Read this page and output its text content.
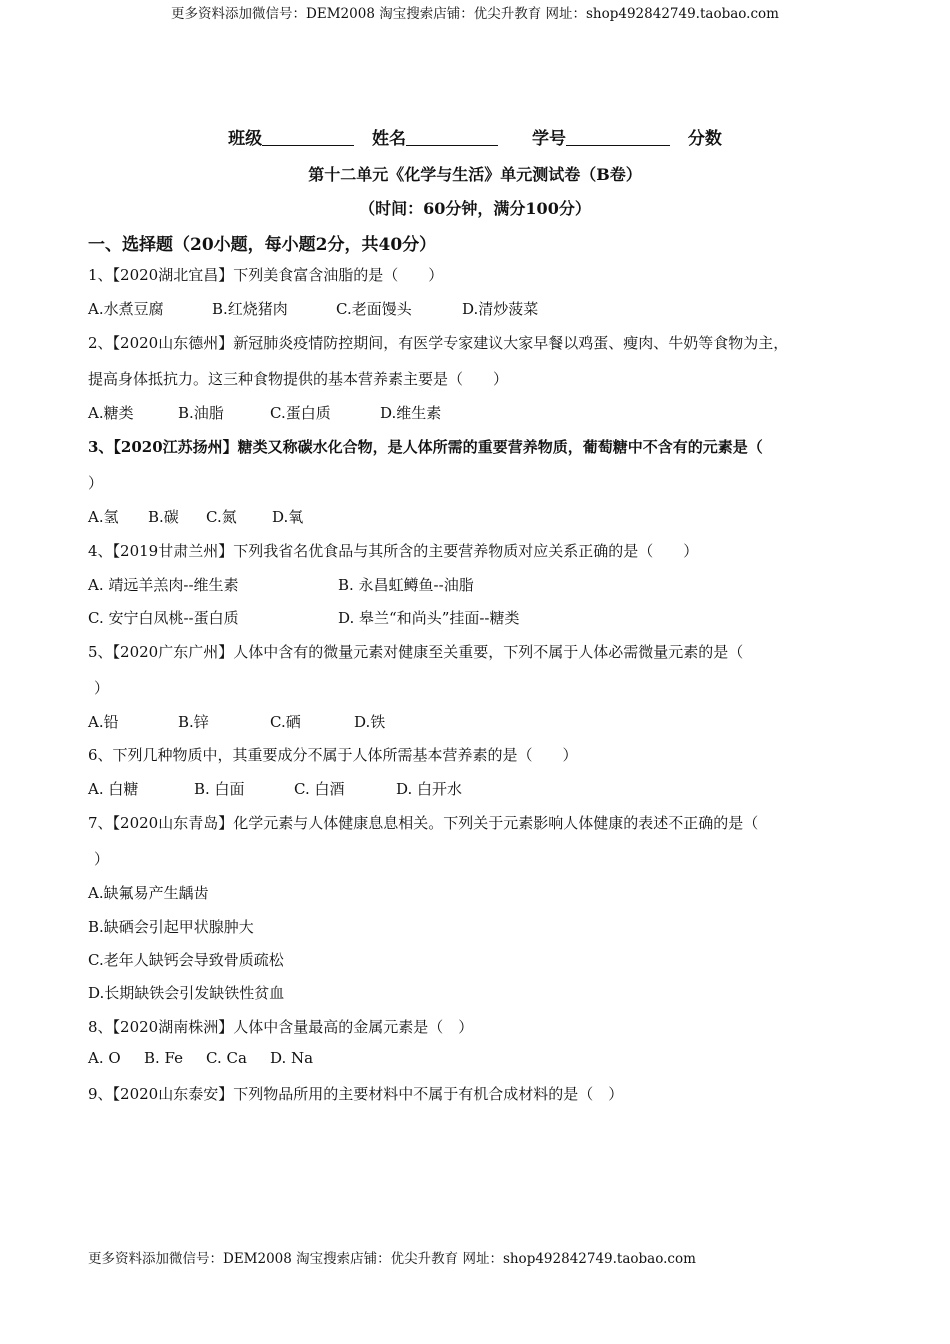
更多资料添加微信号：DEM2008 淘宝搜索店铺：优尖升教育 网址：shop492842749.taobao.com
班级	姓名	学号	分数
第十二单元《化学与生活》单元测试卷（B卷）
（时间：60分钟，满分100分）
一、选择题（20小题，每小题2分，共40分）
1、【2020湖北宜昌】下列美食富含油脂的是（　　）
A.水煮豆腐	B.红烧猪肉	C.老面馒头	D.清炒菠菜
2、【2020山东德州】新冠肺炎疫情防控期间，有医学专家建议大家早餐以鸡蛋、瘦肉、牛奶等食物为主，
提高身体抵抗力。这三种食物提供的基本营养素主要是（　　）
A.糖类	B.油脂	C.蛋白质	D.维生素
3、【2020江苏扬州】糖类又称碳水化合物，是人体所需的重要营养物质，葡萄糖中不含有的元素是（
）
A.氢 B.碳 C.氮 D.氧
4、【2019甘肃兰州】下列我省名优食品与其所含的主要营养物质对应关系正确的是（　　）
A. 靖远羊羔肉--维生素	B. 永昌虹鳟鱼--油脂
C. 安宁白凤桃--蛋白质	D. 皋兰“和尚头”挂面--糖类
5、【2020广东广州】人体中含有的微量元素对健康至关重要，下列不属于人体必需微量元素的是（
）
A.铅	B.锌	C.硒	D.铁
6、下列几种物质中，其重要成分不属于人体所需基本营养素的是（　　）
A. 白糖	B. 白面	C. 白酒	D. 白开水
7、【2020山东青岛】化学元素与人体健康息息相关。下列关于元素影响人体健康的表述不正确的是（
）
A.缺氟易产生龋齿
B.缺硒会引起甲状腺肿大
C.老年人缺钙会导致骨质疏松
D.长期缺铁会引发缺铁性贫血
8、【2020湖南株洲】人体中含量最高的金属元素是（　）
A. O B. Fe C. Ca D. Na
9、【2020山东泰安】下列物品所用的主要材料中不属于有机合成材料的是（　）
更多资料添加微信号：DEM2008 淘宝搜索店铺：优尖升教育 网址：shop492842749.taobao.com
